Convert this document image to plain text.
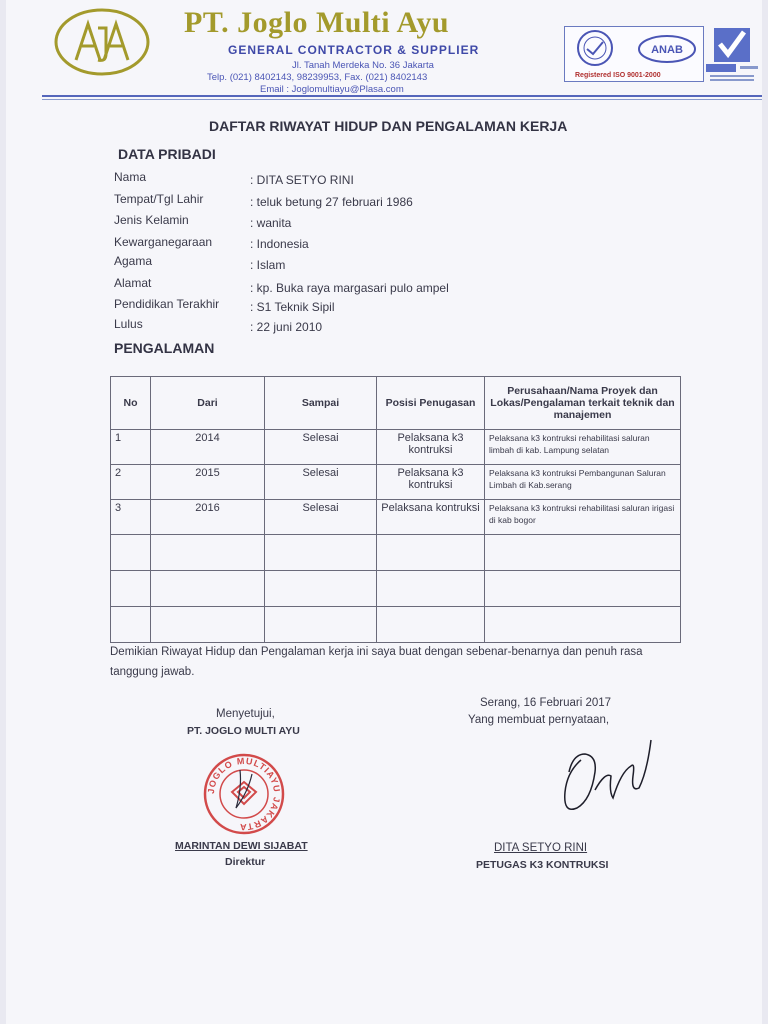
PT. Joglo Multi Ayu
GENERAL CONTRACTOR & SUPPLIER
Jl. Tanah Merdeka No. 36 Jakarta
Telp. (021) 8402143, 98239953, Fax. (021) 8402143
Email : Joglomultiayu@Plasa.com
ANAB
Registered ISO 9001-2000
DAFTAR RIWAYAT HIDUP DAN PENGALAMAN KERJA
DATA PRIBADI
Nama	: DITA SETYO RINI
Tempat/Tgl Lahir	: teluk betung 27 februari 1986
Jenis Kelamin	: wanita
Kewarganegaraan	: Indonesia
Agama	: Islam
Alamat	: kp. Buka raya margasari pulo ampel
Pendidikan Terakhir	: S1 Teknik Sipil
Lulus	: 22 juni 2010
PENGALAMAN
No	Dari	Sampai	Posisi Penugasan	Perusahaan/Nama Proyek dan Lokas/Pengalaman terkait teknik dan manajemen
1	2014	Selesai	Pelaksana k3 kontruksi	Pelaksana k3 kontruksi rehabilitasi saluran limbah di kab. Lampung selatan
2	2015	Selesai	Pelaksana k3 kontruksi	Pelaksana k3 kontruksi Pembangunan Saluran Limbah di Kab.serang
3	2016	Selesai	Pelaksana kontruksi	Pelaksana k3 kontruksi rehabilitasi saluran irigasi di kab bogor

Demikian Riwayat Hidup dan Pengalaman kerja ini saya buat dengan sebenar-benarnya dan penuh rasa tanggung jawab.
Menyetujui,
PT. JOGLO MULTI AYU
JOGLO MULTIAYU JAKARTA
MARINTAN DEWI SIJABAT
Direktur
Serang, 16 Februari 2017
Yang membuat pernyataan,
DITA SETYO RINI
PETUGAS K3 KONTRUKSI
